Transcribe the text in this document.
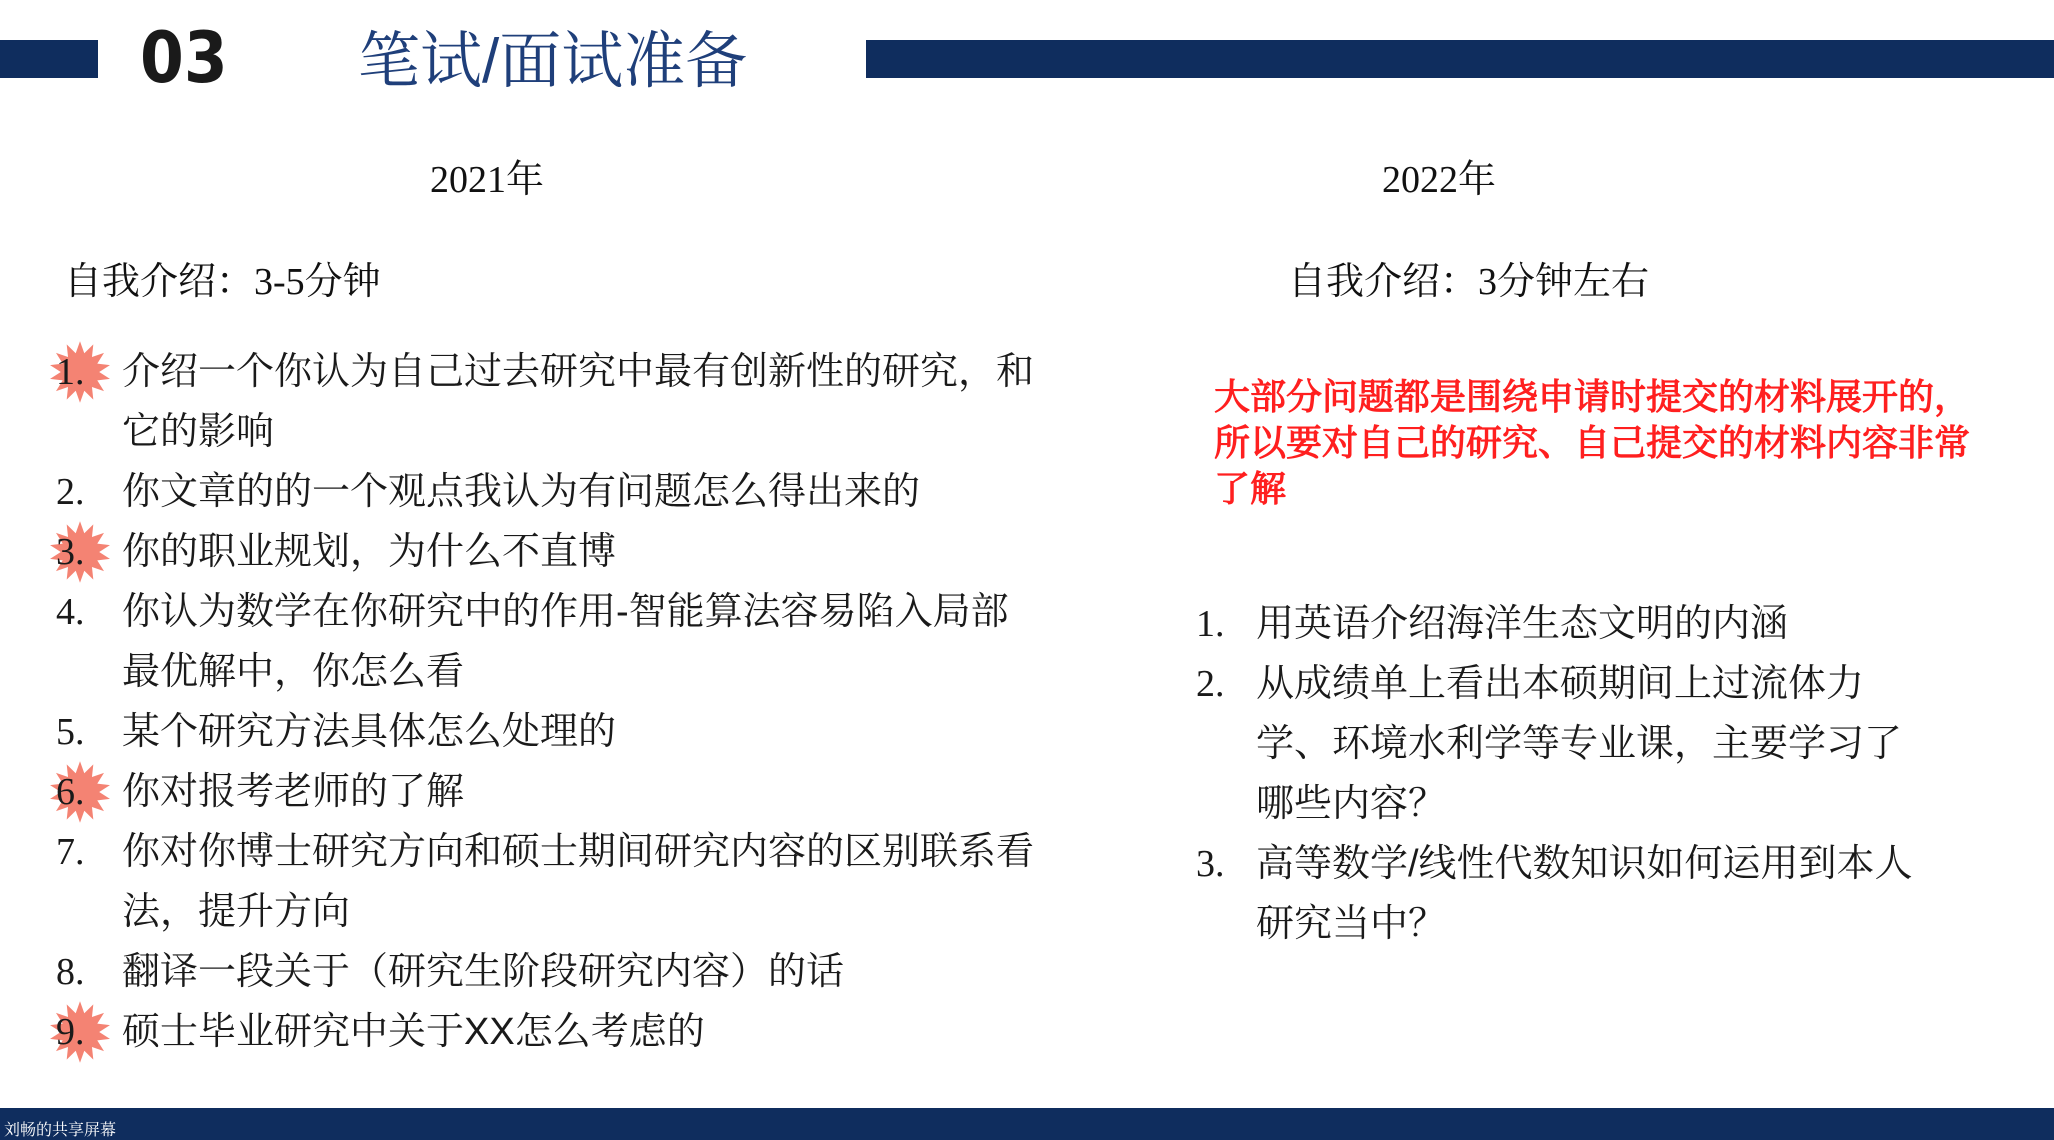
03 笔试/面试准备
2021年	2022年
自我介绍：3-5分钟	自我介绍：3分钟左右
1. 介绍一个你认为自己过去研究中最有创新性的研究，和它的影响
2. 你文章的的一个观点我认为有问题怎么得出来的
3. 你的职业规划，为什么不直博
4. 你认为数学在你研究中的作用-智能算法容易陷入局部最优解中，你怎么看
5. 某个研究方法具体怎么处理的
6. 你对报考老师的了解
7. 你对你博士研究方向和硕士期间研究内容的区别联系看法，提升方向
8. 翻译一段关于（研究生阶段研究内容）的话
9. 硕士毕业研究中关于XX怎么考虑的
大部分问题都是围绕申请时提交的材料展开的，所以要对自己的研究、自己提交的材料内容非常了解
1. 用英语介绍海洋生态文明的内涵
2. 从成绩单上看出本硕期间上过流体力学、环境水利学等专业课，主要学习了哪些内容？
3. 高等数学/线性代数知识如何运用到本人研究当中？
刘畅的共享屏幕
